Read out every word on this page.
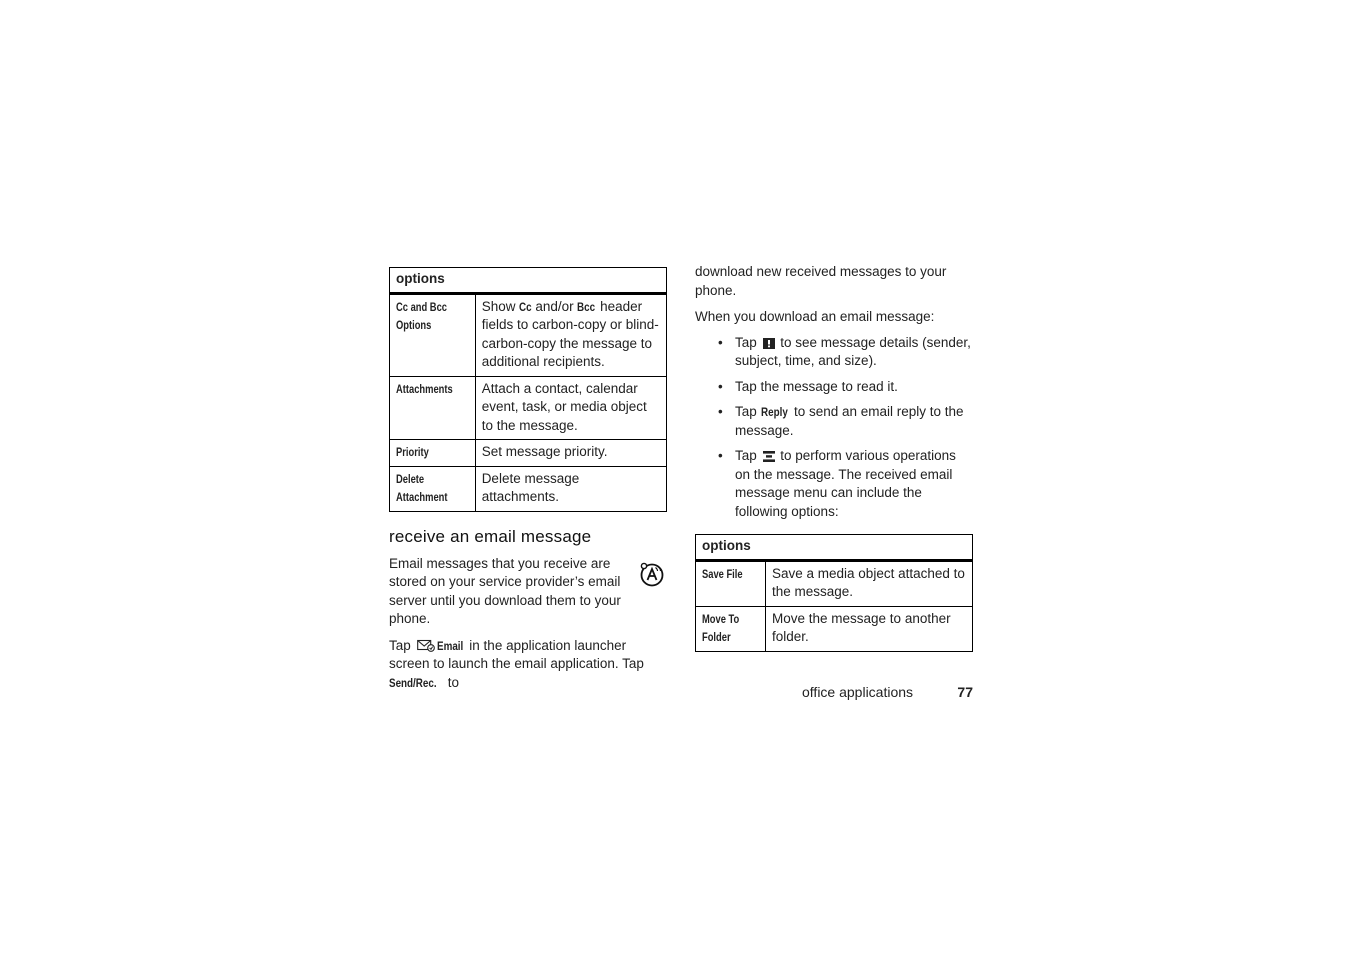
options	

Cc and Bcc
Options	Show Cc and/or Bcc header fields to carbon-copy or blind-carbon-copy the message to additional recipients.

Attachments	Attach a contact, calendar event, task, or media object to the message.

Priority	Set message priority.

Delete
Attachment	Delete message attachments.
receive an email message

Email messages that you receive are stored on your service provider’s email server until you download them to your phone.

Tap Email in the application launcher screen to launch the email application. Tap Send/Rec. to

download new received messages to your phone.

When you download an email message:

• Tap  to see message details (sender, subject, time, and size).
• Tap the message to read it.
• Tap Reply to send an email reply to the message.
• Tap  to perform various operations on the message. The received email message menu can include the following options:
options	

Save File	Save a media object attached to the message.

Move To
Folder	Move the message to another folder.
office applications	77
